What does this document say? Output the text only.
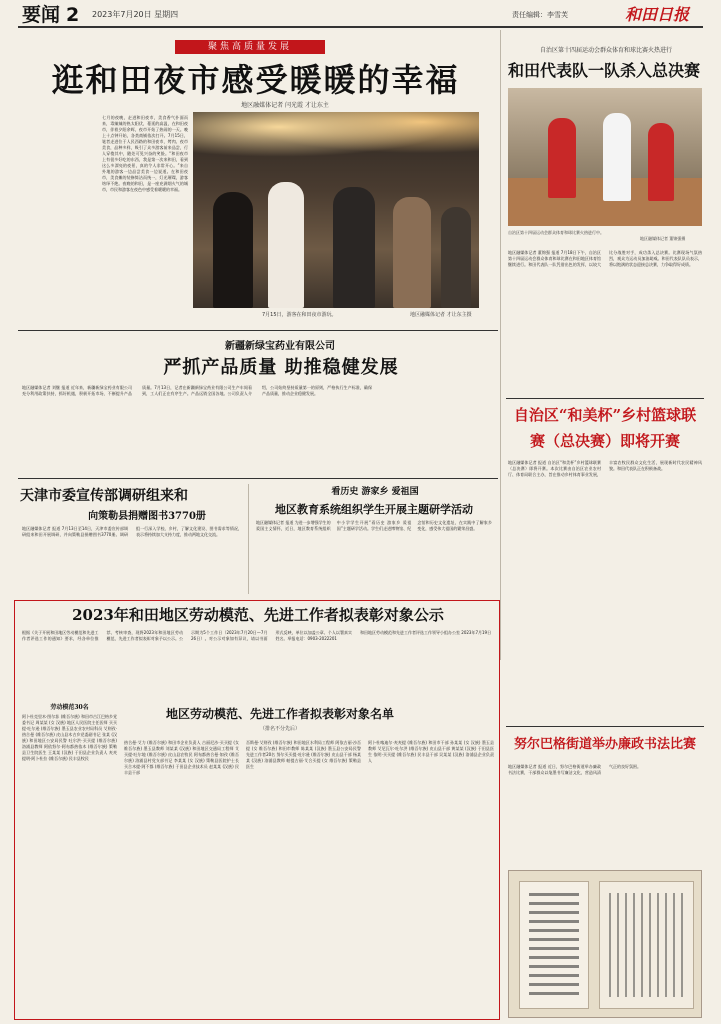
要闻 2 2023年7月20日 星期四	责任编辑：李雪芙	和田日报
聚焦高质量发展
逛和田夜市感受暖暖的幸福
地区融媒体记者 闫光霞 才让东主
七月的夜晚，走进和田夜市，美食香气扑面而来，毒辣辣的热太阳伏，蔓延的高温，在和田夜市，伴着夕阳余晖，夜市开始了热闹的一天。晚上十点钟开始，各类商铺依次打开。7月15日，笔者走进位于人民西路的和田夜市，烤肉、夜市美食，品种多样，吸引了众多游客前来品尝，行人穿梭其中，随处可见兴奋的笑脸。“和田夜市上有很多好吃的东西，我是第一次来和田，看到这么多漂亮的夜景，真的令人非常开心。”来自外地的游客一边品尝美食一边说道。在和田夜市，美食摊的装修简洁而统一，灯光璀璨，游客络绎不绝。夜晚的和田，是一座充满烟火气的城市，市民和游客在夜色中感受着暖暖的幸福。
7月15日，游客在和田夜市游玩。	地区融媒体记者 才让东主摄
新疆新绿宝药业有限公司
严抓产品质量 助推稳健发展
地区融媒体记者 刘继 报道 近年来，新疆新绿宝药业有限公司充分利用政策扶持，抓好机遇，积极开拓市场，不断提升产品质量。7月13日，记者在新疆新绿宝药业有限公司生产车间看到，工人们正在有序生产。产品远销全国各地。公司负责人介绍，公司始终坚持质量第一的原则，严格执行生产标准，确保产品质量，推动企业稳健发展。
天津市委宣传部调研组来和
向策勒县捐赠图书3770册
地区融媒体记者 报道 7月13日至14日，天津市委宣传部调研组来和田开展调研，并向策勒县捐赠图书3770册。调研组一行深入学校、乡村，了解文化建设、图书需求等情况，表示将持续加大支持力度，推动两地文化交流。
看历史 游家乡 爱祖国
地区教育系统组织学生开展主题研学活动
地区融媒体记者 报道 为进一步增强学生的爱国主义情怀，近日，地区教育系统组织中小学学生开展“看历史 游家乡 爱祖国”主题研学活动。学生们走进博物馆、纪念馆和历史文化遗址，在实践中了解家乡变化，感受伟大祖国的繁荣昌盛。
自治区第十四届运动会群众体育和球比赛火热进行
和田代表队一队杀入总决赛
自治区第十四届运动会群众体育和球比赛火热进行中。
地区融媒体记者 董锦强摄
地区融媒体记者 董锦强 报道 7月18日下午，自治区第十四届运动会群众体育和球比赛在和田地区体育馆继续进行。和田代表队一队凭借出色的发挥，以较大比分战胜对手，成功杀入总决赛。比赛现场气氛热烈，观众为运动员加油助威。和田代表队队员表示，将以饱满的状态迎接总决赛，力争取得好成绩。
自治区“和美杯”乡村篮球联赛（总决赛）即将开赛
地区融媒体记者 报道 自治区“和美杯”乡村篮球联赛（总决赛）即将开赛。本次比赛由自治区农业农村厅、体育局联合主办，旨在推动乡村体育事业发展，丰富农牧民群众文化生活，展现新时代农民精神风貌。和田代表队正在积极备战。
2023年和田地区劳动模范、先进工作者拟表彰对象公示
根据《关于开展和田地区劳动模范和先进工作者评选工作的通知》要求，经各单位推荐、考核审查，现将2023年和田地区劳动模范、先进工作者拟表彰对象予以公示。公示期为5个工作日（2023年7月20日—7月26日）。对公示对象如有异议，请以书面形式反映，单位以加盖公章、个人以署真实姓名。举报电话：0903-2022201
和田地区劳动模范和先进工作者评选工作领导小组办公室 2023年7月19日
地区劳动模范、先进工作者拟表彰对象名单
（排名不分先后）
劳动模范30名
阿卜杜克里木·图尔荪 (维吾尔族) 和田市古江巴格乡党委书记 周某某 (女 汉族) 地区人民医院主任医师 买买提·吐尔逊 (维吾尔族) 墨玉县农业农村局科员 艾则孜·热合曼 (维吾尔族) 皮山县木吉乡党委副书记 张某 (汉族) 和田地区公安局民警 吐尔洪·买买提 (维吾尔族) 洛浦县教师 阿依努尔·阿布都热依木 (维吾尔族) 策勒县卫生院医生 王某某 (汉族) 于田县企业负责人 麦麦提明·阿卜杜拉 (维吾尔族) 民丰县牧民
热合曼·艾力 (维吾尔族) 和田市企业负责人 古丽尼沙·买买提 (女 维吾尔族) 墨玉县教师 刘某某 (汉族) 和田地区交通局工程师 艾买提·吐尔地 (维吾尔族) 皮山县农牧民 阿布都热合曼·如孜 (维吾尔族) 洛浦县村党支部书记 李某某 (女 汉族) 策勒县医院护士长 买合木提·阿不都 (维吾尔族) 于田县企业技术员 赵某某 (汉族) 民丰县干部
吾斯曼·艾则孜 (维吾尔族) 和田地区水利局工程师 阿依古丽·沙吾提 (女 维吾尔族) 和田市教师 陈某某 (汉族) 墨玉县公安局民警 先进工作者20名 努尔买买提·吐尔逊 (维吾尔族) 皮山县干部 杨某某 (汉族) 洛浦县教师 帕提古丽·艾合买提 (女 维吾尔族) 策勒县医生
阿卜杜喀迪尔·麦麦提 (维吾尔族) 和田市干部 孙某某 (女 汉族) 墨玉县教师 艾尼瓦尔·吐尔洪 (维吾尔族) 皮山县干部 黄某某 (汉族) 于田县医生 依明·买买提 (维吾尔族) 民丰县干部 吴某某 (汉族) 洛浦县企业负责人
努尔巴格街道举办廉政书法比赛
地区融媒体记者 报道 近日，努尔巴格街道举办廉政书法比赛，干部群众以笔墨书写廉洁文化，营造风清气正的良好氛围。
